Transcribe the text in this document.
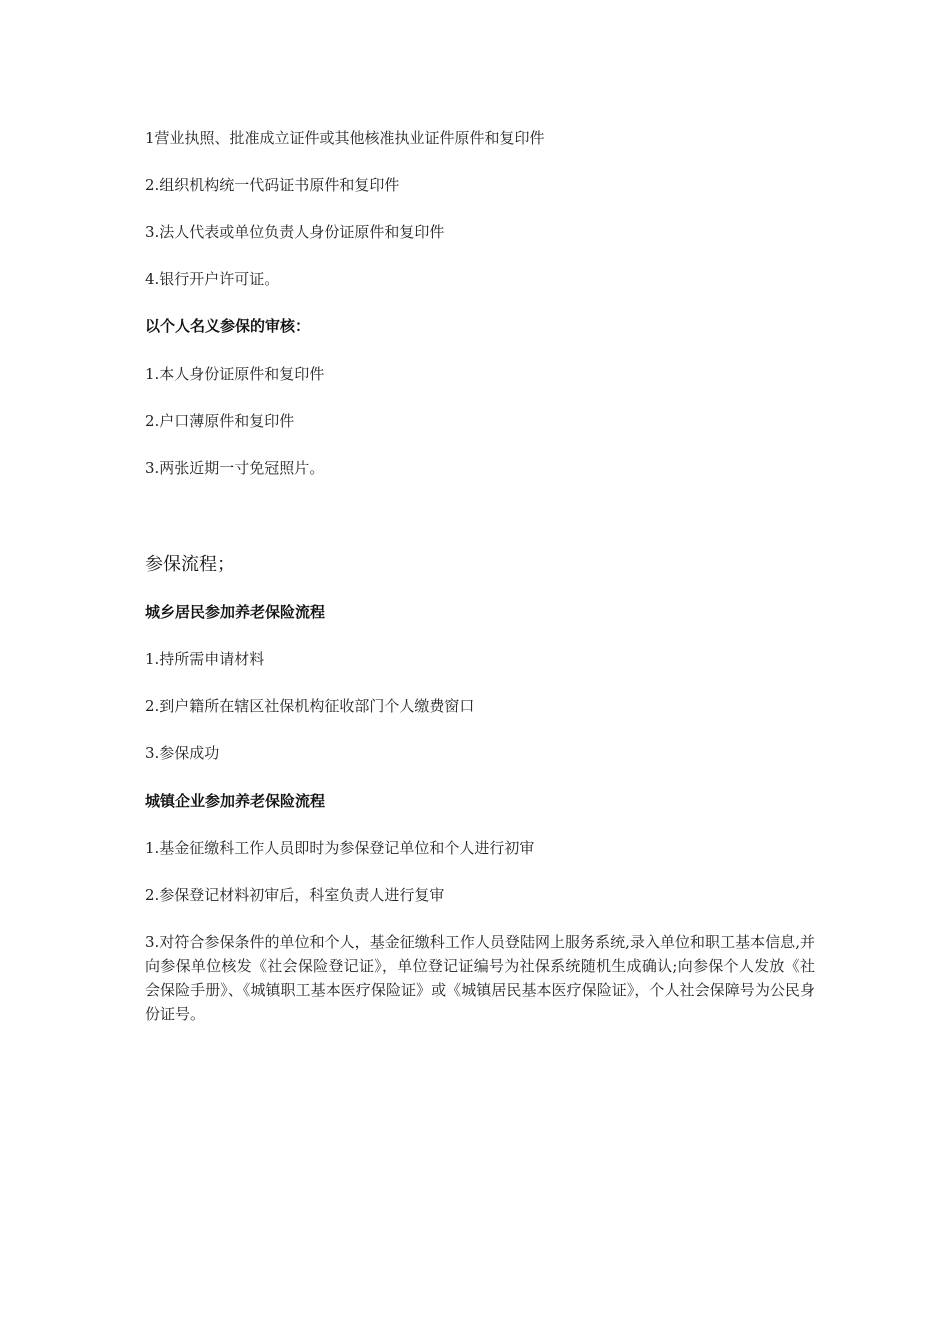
1营业执照、批准成立证件或其他核准执业证件原件和复印件
2.组织机构统一代码证书原件和复印件
3.法人代表或单位负责人身份证原件和复印件
4.银行开户许可证。
以个人名义参保的审核：
1.本人身份证原件和复印件
2.户口薄原件和复印件
3.两张近期一寸免冠照片。
参保流程；
城乡居民参加养老保险流程
1.持所需申请材料
2.到户籍所在辖区社保机构征收部门个人缴费窗口
3.参保成功
城镇企业参加养老保险流程
1.基金征缴科工作人员即时为参保登记单位和个人进行初审
2.参保登记材料初审后，科室负责人进行复审
3.对符合参保条件的单位和个人，基金征缴科工作人员登陆网上服务系统,录入单位和职工基本信息,并向参保单位核发《社会保险登记证》，单位登记证编号为社保系统随机生成确认;向参保个人发放《社会保险手册》、《城镇职工基本医疗保险证》或《城镇居民基本医疗保险证》，个人社会保障号为公民身份证号。
